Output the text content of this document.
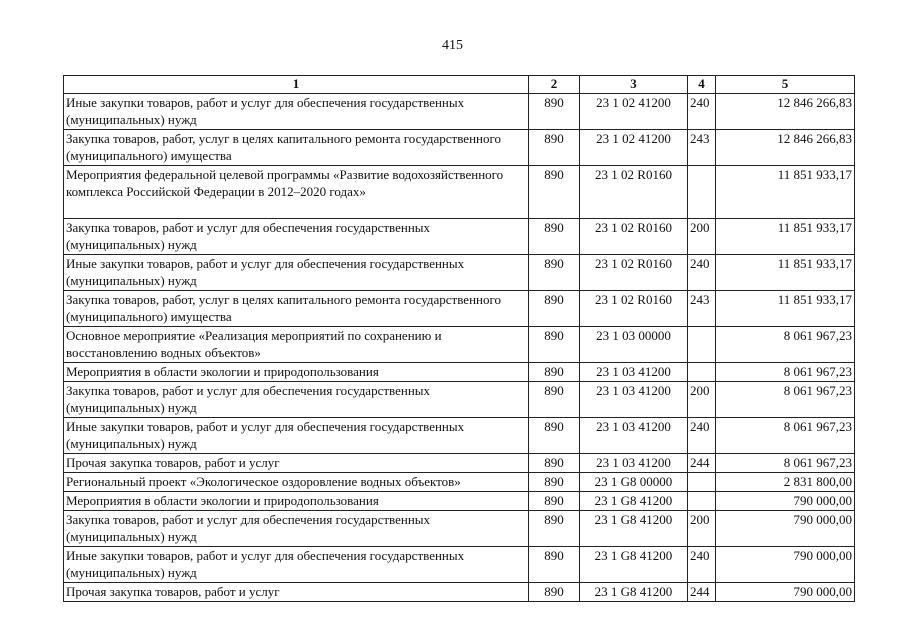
415
1	2	3	4	5
Иные закупки товаров, работ и услуг для обеспечения государственных (муниципальных) нужд	890	23 1 02 41200	240	12 846 266,83
Закупка товаров, работ, услуг в целях капитального ремонта государственного (муниципального) имущества	890	23 1 02 41200	243	12 846 266,83
Мероприятия федеральной целевой программы «Развитие водохозяйственного комплекса Российской Федерации в 2012–2020 годах»	890	23 1 02 R0160		11 851 933,17
Закупка товаров, работ и услуг для обеспечения государственных (муниципальных) нужд	890	23 1 02 R0160	200	11 851 933,17
Иные закупки товаров, работ и услуг для обеспечения государственных (муниципальных) нужд	890	23 1 02 R0160	240	11 851 933,17
Закупка товаров, работ, услуг в целях капитального ремонта государственного (муниципального) имущества	890	23 1 02 R0160	243	11 851 933,17
Основное мероприятие «Реализация мероприятий по сохранению и восстановлению водных объектов»	890	23 1 03 00000		8 061 967,23
Мероприятия в области экологии и природопользования	890	23 1 03 41200		8 061 967,23
Закупка товаров, работ и услуг для обеспечения государственных (муниципальных) нужд	890	23 1 03 41200	200	8 061 967,23
Иные закупки товаров, работ и услуг для обеспечения государственных (муниципальных) нужд	890	23 1 03 41200	240	8 061 967,23
Прочая закупка товаров, работ и услуг	890	23 1 03 41200	244	8 061 967,23
Региональный проект «Экологическое оздоровление водных объектов»	890	23 1 G8 00000		2 831 800,00
Мероприятия в области экологии и природопользования	890	23 1 G8 41200		790 000,00
Закупка товаров, работ и услуг для обеспечения государственных (муниципальных) нужд	890	23 1 G8 41200	200	790 000,00
Иные закупки товаров, работ и услуг для обеспечения государственных (муниципальных) нужд	890	23 1 G8 41200	240	790 000,00
Прочая закупка товаров, работ и услуг	890	23 1 G8 41200	244	790 000,00
